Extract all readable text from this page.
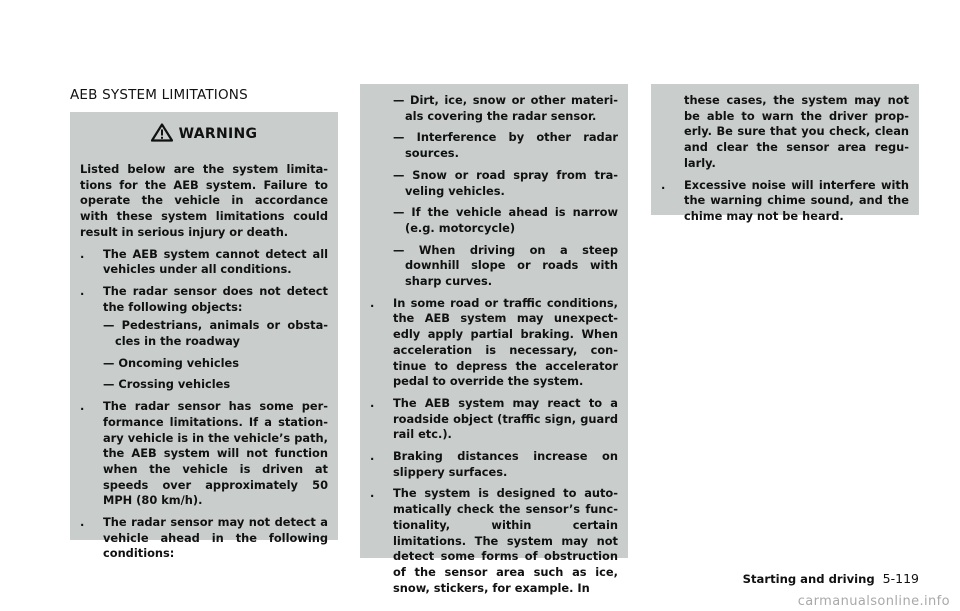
AEB SYSTEM LIMITATIONS
WARNING

Listed below are the system limita-tions for the AEB system. Failure to operate the vehicle in accordance with these system limitations could result in serious injury or death.

. The AEB system cannot detect all vehicles under all conditions.
. The radar sensor does not detect the following objects:
— Pedestrians, animals or obsta-cles in the roadway
— Oncoming vehicles
— Crossing vehicles
. The radar sensor has some per-formance limitations. If a station-ary vehicle is in the vehicle’s path, the AEB system will not function when the vehicle is driven at speeds over approximately 50 MPH (80 km/h).
. The radar sensor may not detect a vehicle ahead in the following conditions:
— Dirt, ice, snow or other materi-als covering the radar sensor.
— Interference by other radar sources.
— Snow or road spray from tra-veling vehicles.
— If the vehicle ahead is narrow (e.g. motorcycle)
— When driving on a steep downhill slope or roads with sharp curves.
. In some road or traffic conditions, the AEB system may unexpect-edly apply partial braking. When acceleration is necessary, con-tinue to depress the accelerator pedal to override the system.
. The AEB system may react to a roadside object (traffic sign, guard rail etc.).
. Braking distances increase on slippery surfaces.
. The system is designed to auto-matically check the sensor’s func-tionality, within certain limitations. The system may not detect some forms of obstruction of the sensor area such as ice, snow, stickers, for example. In
these cases, the system may not be able to warn the driver prop-erly. Be sure that you check, clean and clear the sensor area regu-larly.
. Excessive noise will interfere with the warning chime sound, and the chime may not be heard.
Starting and driving 5-119
carmanualsonline.info
